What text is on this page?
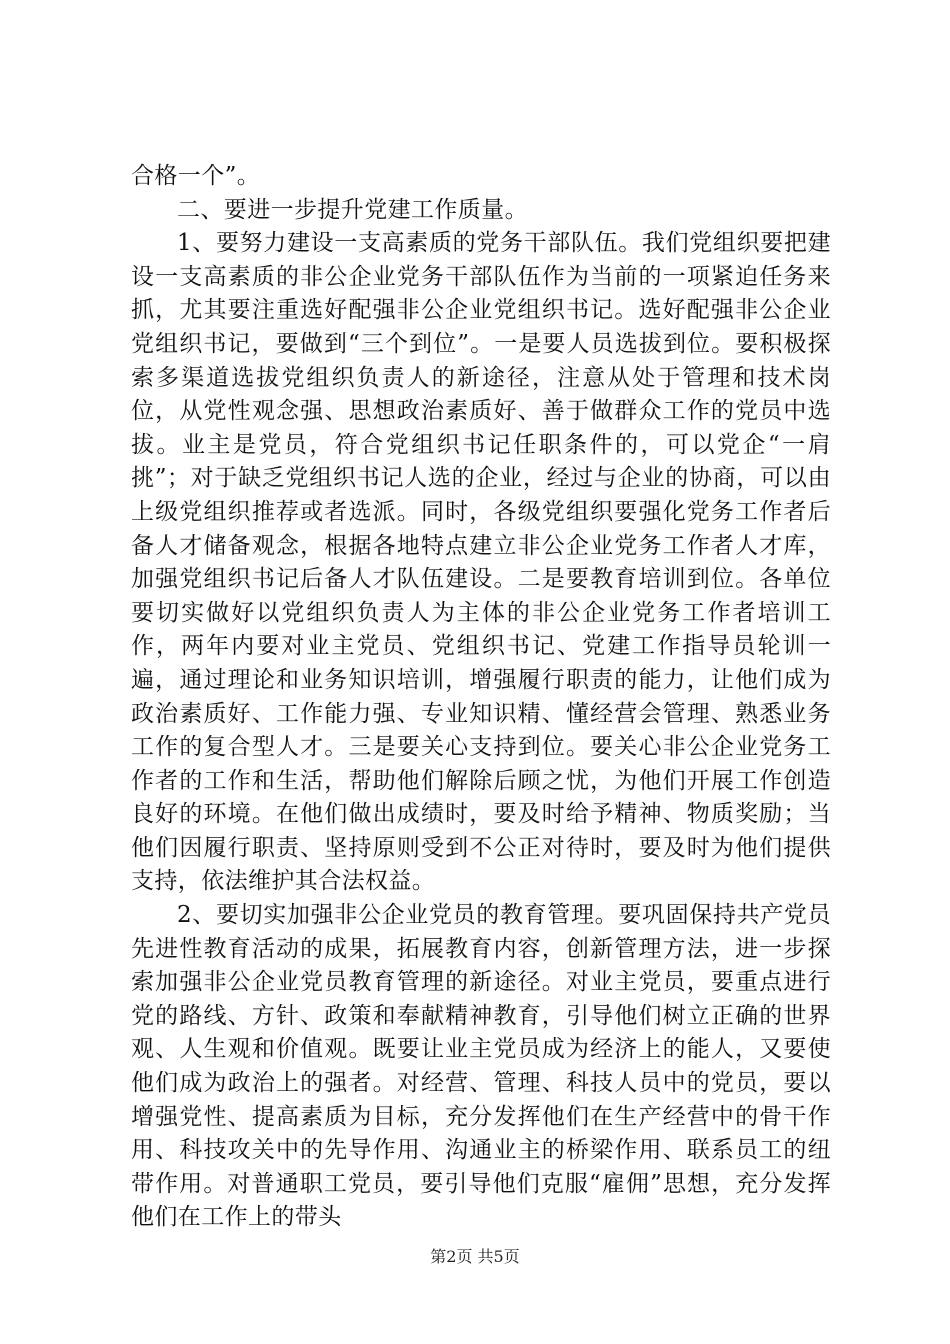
合格一个”。

二、要进一步提升党建工作质量。

1、要努力建设一支高素质的党务干部队伍。我们党组织要把建设一支高素质的非公企业党务干部队伍作为当前的一项紧迫任务来抓，尤其要注重选好配强非公企业党组织书记。选好配强非公企业党组织书记，要做到“三个到位”。一是要人员选拔到位。要积极探索多渠道选拔党组织负责人的新途径，注意从处于管理和技术岗位，从党性观念强、思想政治素质好、善于做群众工作的党员中选拔。业主是党员，符合党组织书记任职条件的，可以党企“一肩挑”；对于缺乏党组织书记人选的企业，经过与企业的协商，可以由上级党组织推荐或者选派。同时，各级党组织要强化党务工作者后备人才储备观念，根据各地特点建立非公企业党务工作者人才库，加强党组织书记后备人才队伍建设。二是要教育培训到位。各单位要切实做好以党组织负责人为主体的非公企业党务工作者培训工作，两年内要对业主党员、党组织书记、党建工作指导员轮训一遍，通过理论和业务知识培训，增强履行职责的能力，让他们成为政治素质好、工作能力强、专业知识精、懂经营会管理、熟悉业务工作的复合型人才。三是要关心支持到位。要关心非公企业党务工作者的工作和生活，帮助他们解除后顾之忧，为他们开展工作创造良好的环境。在他们做出成绩时，要及时给予精神、物质奖励；当他们因履行职责、坚持原则受到不公正对待时，要及时为他们提供支持，依法维护其合法权益。

2、要切实加强非公企业党员的教育管理。要巩固保持共产党员先进性教育活动的成果，拓展教育内容，创新管理方法，进一步探索加强非公企业党员教育管理的新途径。对业主党员，要重点进行党的路线、方针、政策和奉献精神教育，引导他们树立正确的世界观、人生观和价值观。既要让业主党员成为经济上的能人，又要使他们成为政治上的强者。对经营、管理、科技人员中的党员，要以增强党性、提高素质为目标，充分发挥他们在生产经营中的骨干作用、科技攻关中的先导作用、沟通业主的桥梁作用、联系员工的纽带作用。对普通职工党员，要引导他们克服“雇佣”思想，充分发挥他们在工作上的带头

第2页 共5页
